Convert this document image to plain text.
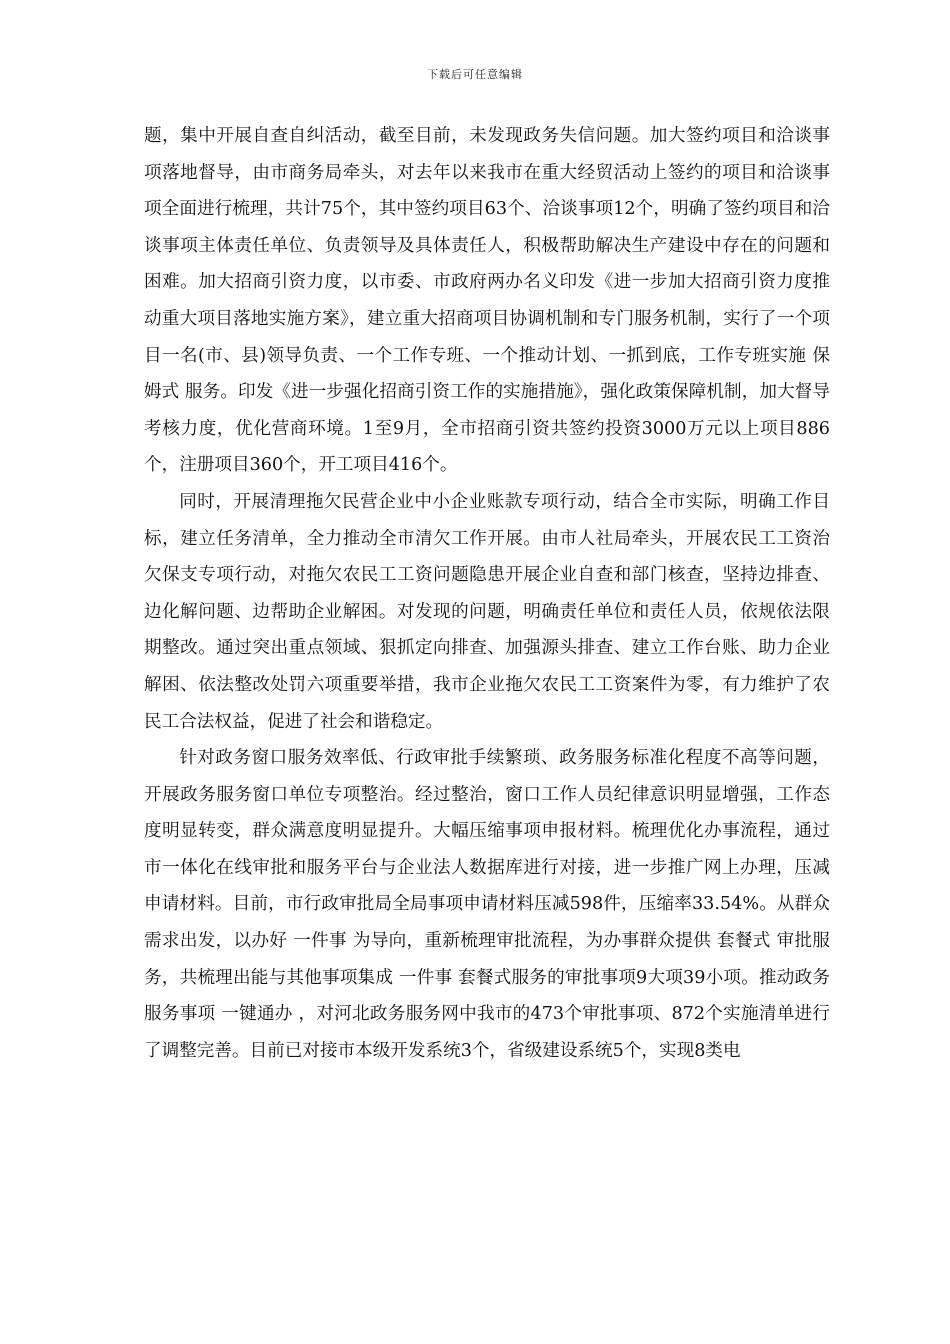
下载后可任意编辑

题，集中开展自查自纠活动，截至目前，未发现政务失信问题。加大签约项目和洽谈事项落地督导，由市商务局牵头，对去年以来我市在重大经贸活动上签约的项目和洽谈事项全面进行梳理，共计75个，其中签约项目63个、洽谈事项12个，明确了签约项目和洽谈事项主体责任单位、负责领导及具体责任人，积极帮助解决生产建设中存在的问题和困难。加大招商引资力度，以市委、市政府两办名义印发《进一步加大招商引资力度推动重大项目落地实施方案》，建立重大招商项目协调机制和专门服务机制，实行了一个项目一名(市、县)领导负责、一个工作专班、一个推动计划、一抓到底，工作专班实施 保姆式 服务。印发《进一步强化招商引资工作的实施措施》，强化政策保障机制，加大督导考核力度，优化营商环境。1至9月，全市招商引资共签约投资3000万元以上项目886个，注册项目360个，开工项目416个。

同时，开展清理拖欠民营企业中小企业账款专项行动，结合全市实际，明确工作目标，建立任务清单，全力推动全市清欠工作开展。由市人社局牵头，开展农民工工资治欠保支专项行动，对拖欠农民工工资问题隐患开展企业自查和部门核查，坚持边排查、边化解问题、边帮助企业解困。对发现的问题，明确责任单位和责任人员，依规依法限期整改。通过突出重点领域、狠抓定向排查、加强源头排查、建立工作台账、助力企业解困、依法整改处罚六项重要举措，我市企业拖欠农民工工资案件为零，有力维护了农民工合法权益，促进了社会和谐稳定。

针对政务窗口服务效率低、行政审批手续繁琐、政务服务标准化程度不高等问题，开展政务服务窗口单位专项整治。经过整治，窗口工作人员纪律意识明显增强，工作态度明显转变，群众满意度明显提升。大幅压缩事项申报材料。梳理优化办事流程，通过市一体化在线审批和服务平台与企业法人数据库进行对接，进一步推广网上办理，压减申请材料。目前，市行政审批局全局事项申请材料压减598件，压缩率33.54%。从群众需求出发，以办好 一件事 为导向，重新梳理审批流程，为办事群众提供 套餐式 审批服务，共梳理出能与其他事项集成 一件事 套餐式服务的审批事项9大项39小项。推动政务服务事项 一键通办 ，对河北政务服务网中我市的473个审批事项、872个实施清单进行了调整完善。目前已对接市本级开发系统3个，省级建设系统5个，实现8类电
